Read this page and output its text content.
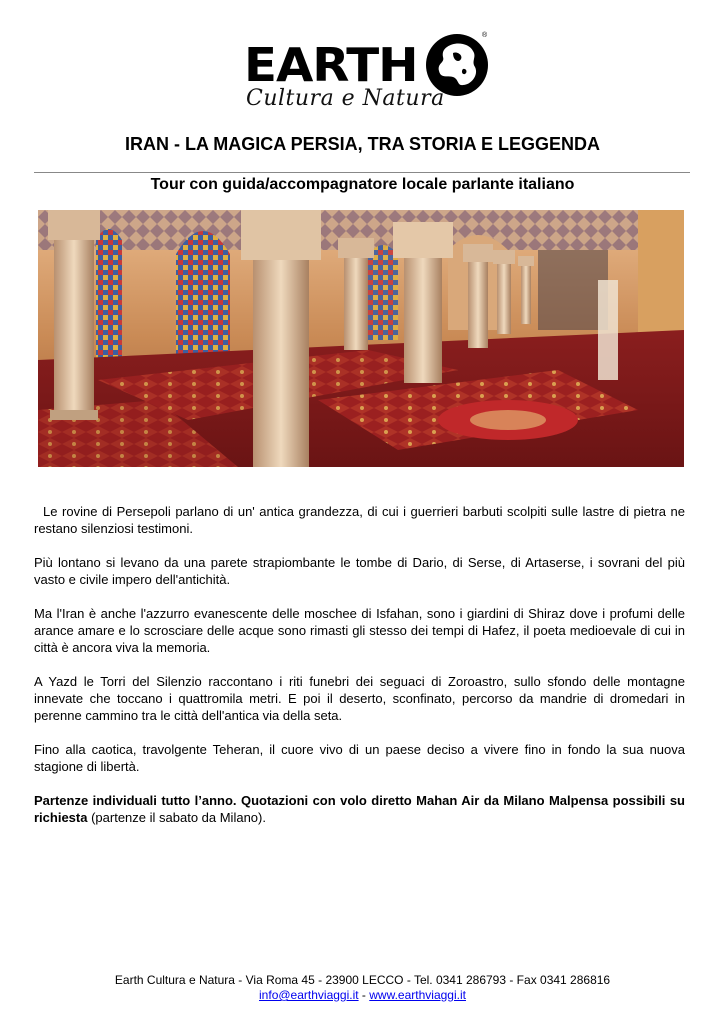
EARTH
®
Cultura e Natura
IRAN - LA MAGICA PERSIA, TRA STORIA E LEGGENDA
Tour con guida/accompagnatore locale parlante italiano

Le rovine di Persepoli parlano di un' antica grandezza, di cui i guerrieri barbuti scolpiti sulle lastre di pietra ne restano silenziosi testimoni.

Più lontano si levano da una parete strapiombante le tombe di Dario, di Serse, di Artaserse, i sovrani del più vasto e civile impero dell'antichità.

Ma l'Iran è anche l'azzurro evanescente delle moschee di Isfahan, sono i giardini di Shiraz dove i profumi delle arance amare e lo scrosciare delle acque sono rimasti gli stesso dei tempi di Hafez, il poeta medioevale di cui in città è ancora viva la memoria.

A Yazd le Torri del Silenzio raccontano i riti funebri dei seguaci di Zoroastro, sullo sfondo delle montagne innevate che toccano i quattromila metri. E poi il deserto, sconfinato, percorso da mandrie di dromedari in perenne cammino tra le città dell'antica via della seta.

Fino alla caotica, travolgente Teheran, il cuore vivo di un paese deciso a vivere fino in fondo la sua nuova stagione di libertà.

Partenze individuali tutto l’anno. Quotazioni con volo diretto Mahan Air da Milano Malpensa possibili su richiesta (partenze il sabato da Milano).

Earth Cultura e Natura - Via Roma 45 - 23900 LECCO - Tel. 0341 286793 - Fax 0341 286816
info@earthviaggi.it - www.earthviaggi.it
